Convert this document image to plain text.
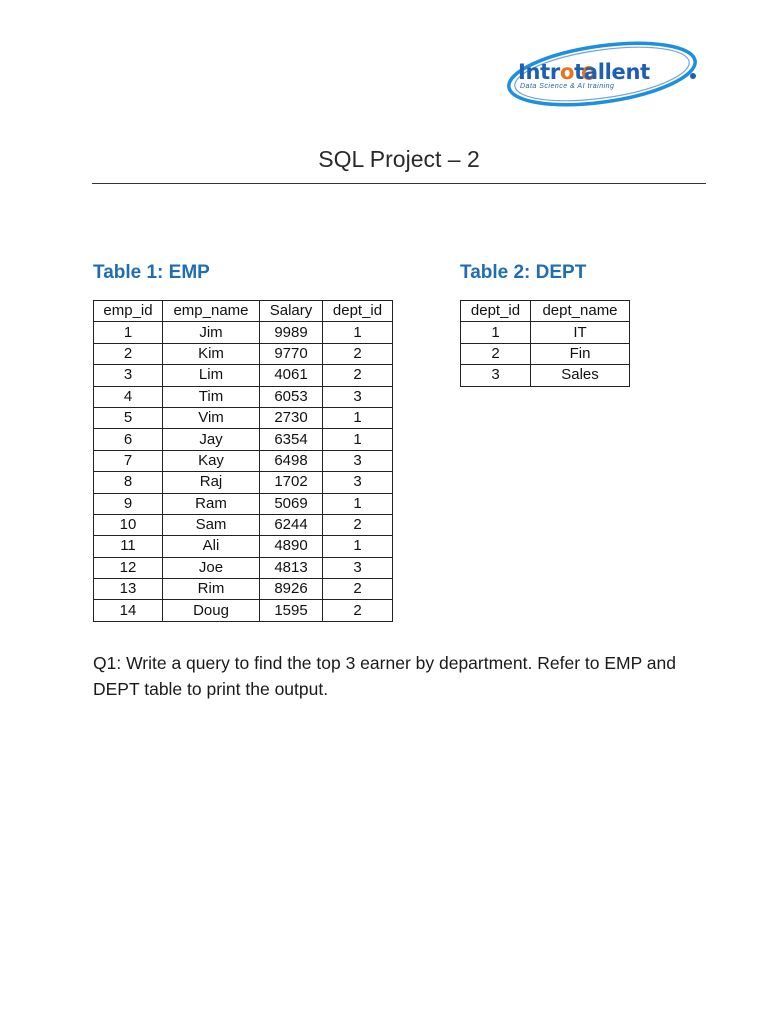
Introtallent
Data Science & AI training
SQL Project – 2
Table 1: EMP	Table 2: DEPT
emp_id	emp_name	Salary	dept_id
1	Jim	9989	1
2	Kim	9770	2
3	Lim	4061	2
4	Tim	6053	3
5	Vim	2730	1
6	Jay	6354	1
7	Kay	6498	3
8	Raj	1702	3
9	Ram	5069	1
10	Sam	6244	2
11	Ali	4890	1
12	Joe	4813	3
13	Rim	8926	2
14	Doug	1595	2
dept_id	dept_name
1	IT
2	Fin
3	Sales
Q1: Write a query to find the top 3 earner by department. Refer to EMP and DEPT table to print the output.
